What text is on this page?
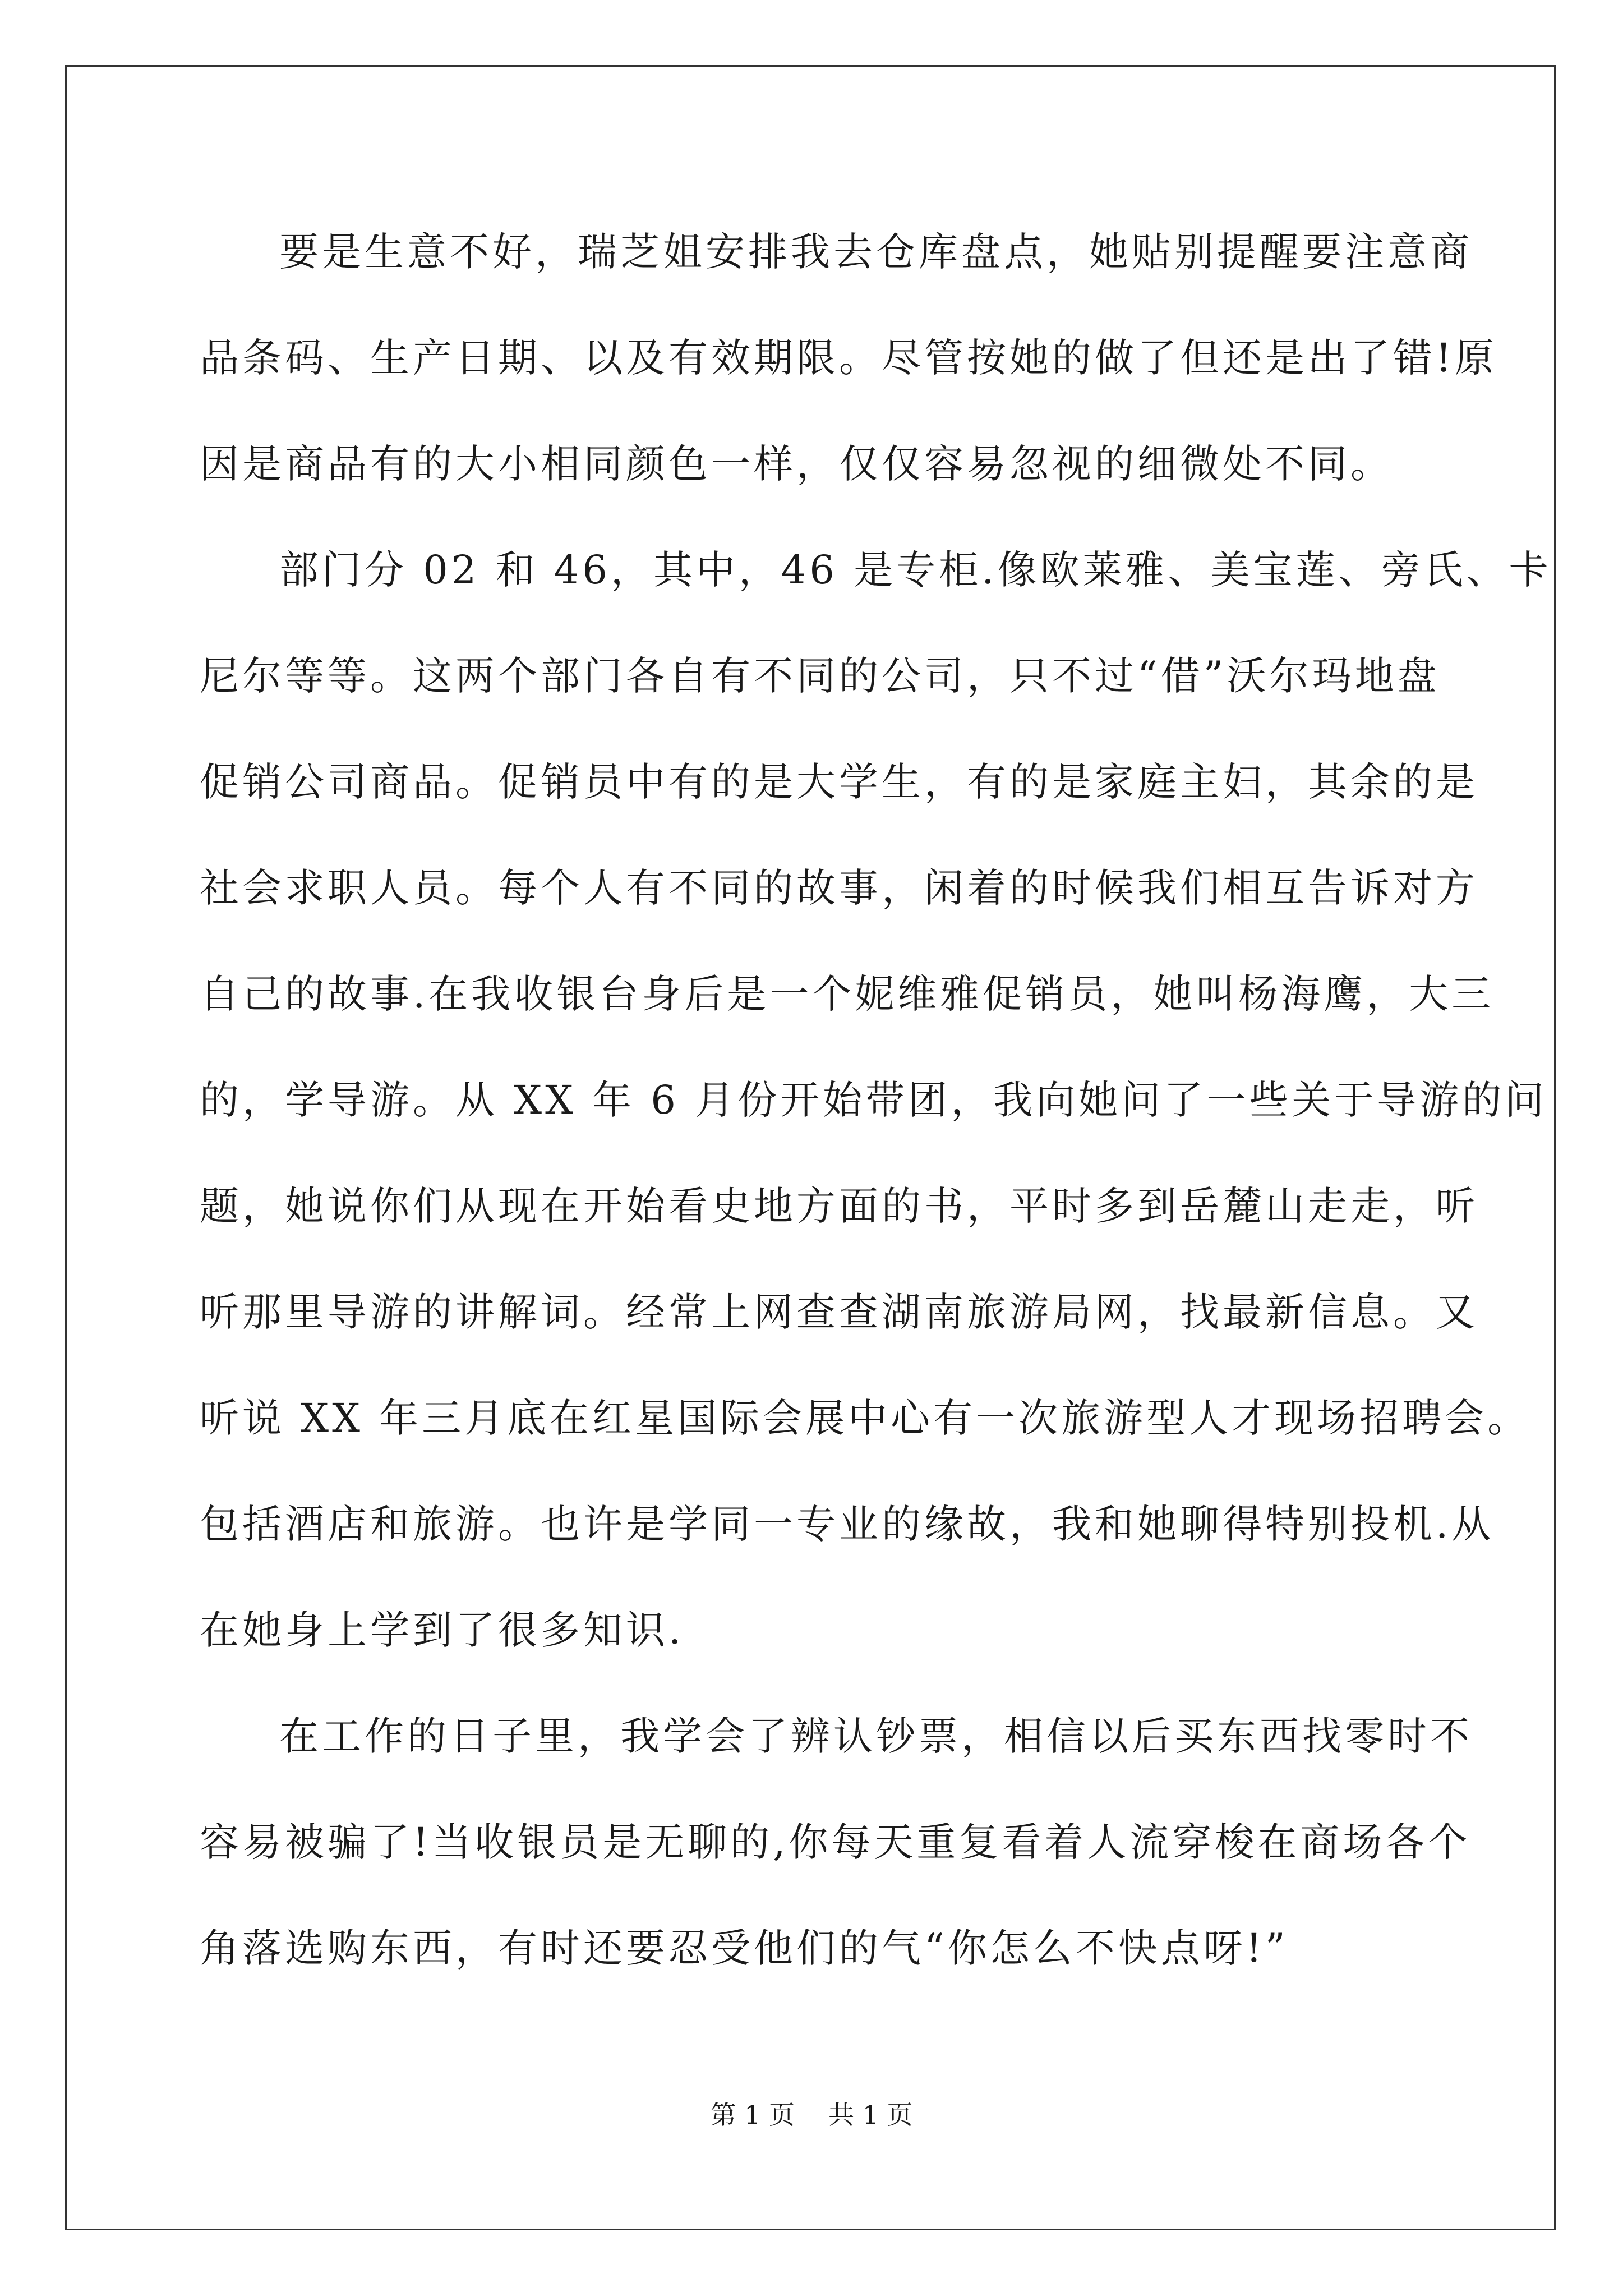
要是生意不好，瑞芝姐安排我去仓库盘点，她贴别提醒要注意商
品条码、生产日期、以及有效期限。尽管按她的做了但还是出了错!原
因是商品有的大小相同颜色一样，仅仅容易忽视的细微处不同。
部门分 02 和 46，其中，46 是专柜.像欧莱雅、美宝莲、旁氏、卡
尼尔等等。这两个部门各自有不同的公司，只不过“借”沃尔玛地盘
促销公司商品。促销员中有的是大学生，有的是家庭主妇，其余的是
社会求职人员。每个人有不同的故事，闲着的时候我们相互告诉对方
自己的故事.在我收银台身后是一个妮维雅促销员，她叫杨海鹰，大三
的，学导游。从 XX 年 6 月份开始带团，我向她问了一些关于导游的问
题，她说你们从现在开始看史地方面的书，平时多到岳麓山走走，听
听那里导游的讲解词。经常上网查查湖南旅游局网，找最新信息。又
听说 XX 年三月底在红星国际会展中心有一次旅游型人才现场招聘会。
包括酒店和旅游。也许是学同一专业的缘故，我和她聊得特别投机.从
在她身上学到了很多知识.
在工作的日子里，我学会了辨认钞票，相信以后买东西找零时不
容易被骗了!当收银员是无聊的,你每天重复看着人流穿梭在商场各个
角落选购东西，有时还要忍受他们的气“你怎么不快点呀!”
第 1 页 共 1 页
